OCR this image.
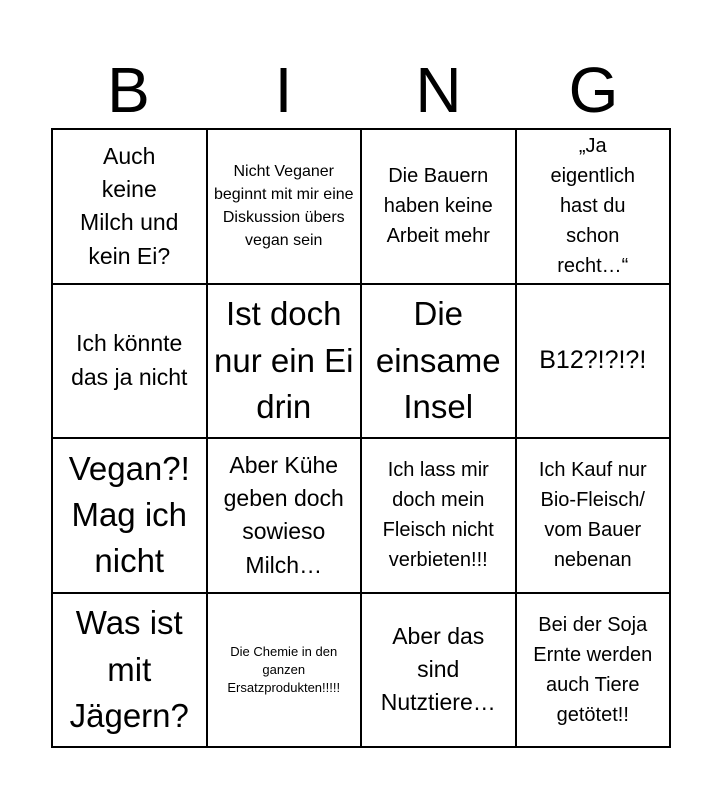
B	I	N	G
Auch keine Milch und kein Ei?
Nicht Veganer beginnt mit mir eine Diskussion übers vegan sein
Die Bauern haben keine Arbeit mehr
„Ja eigentlich hast du schon recht…“
Ich könnte das ja nicht
Ist doch nur ein Ei drin
Die einsame Insel
B12?!?!?!
Vegan?! Mag ich nicht
Aber Kühe geben doch sowieso Milch…
Ich lass mir doch mein Fleisch nicht verbieten!!!
Ich Kauf nur Bio-Fleisch/ vom Bauer nebenan
Was ist mit Jägern?
Die Chemie in den ganzen Ersatzprodukten!!!!!
Aber das sind Nutztiere…
Bei der Soja Ernte werden auch Tiere getötet!!
